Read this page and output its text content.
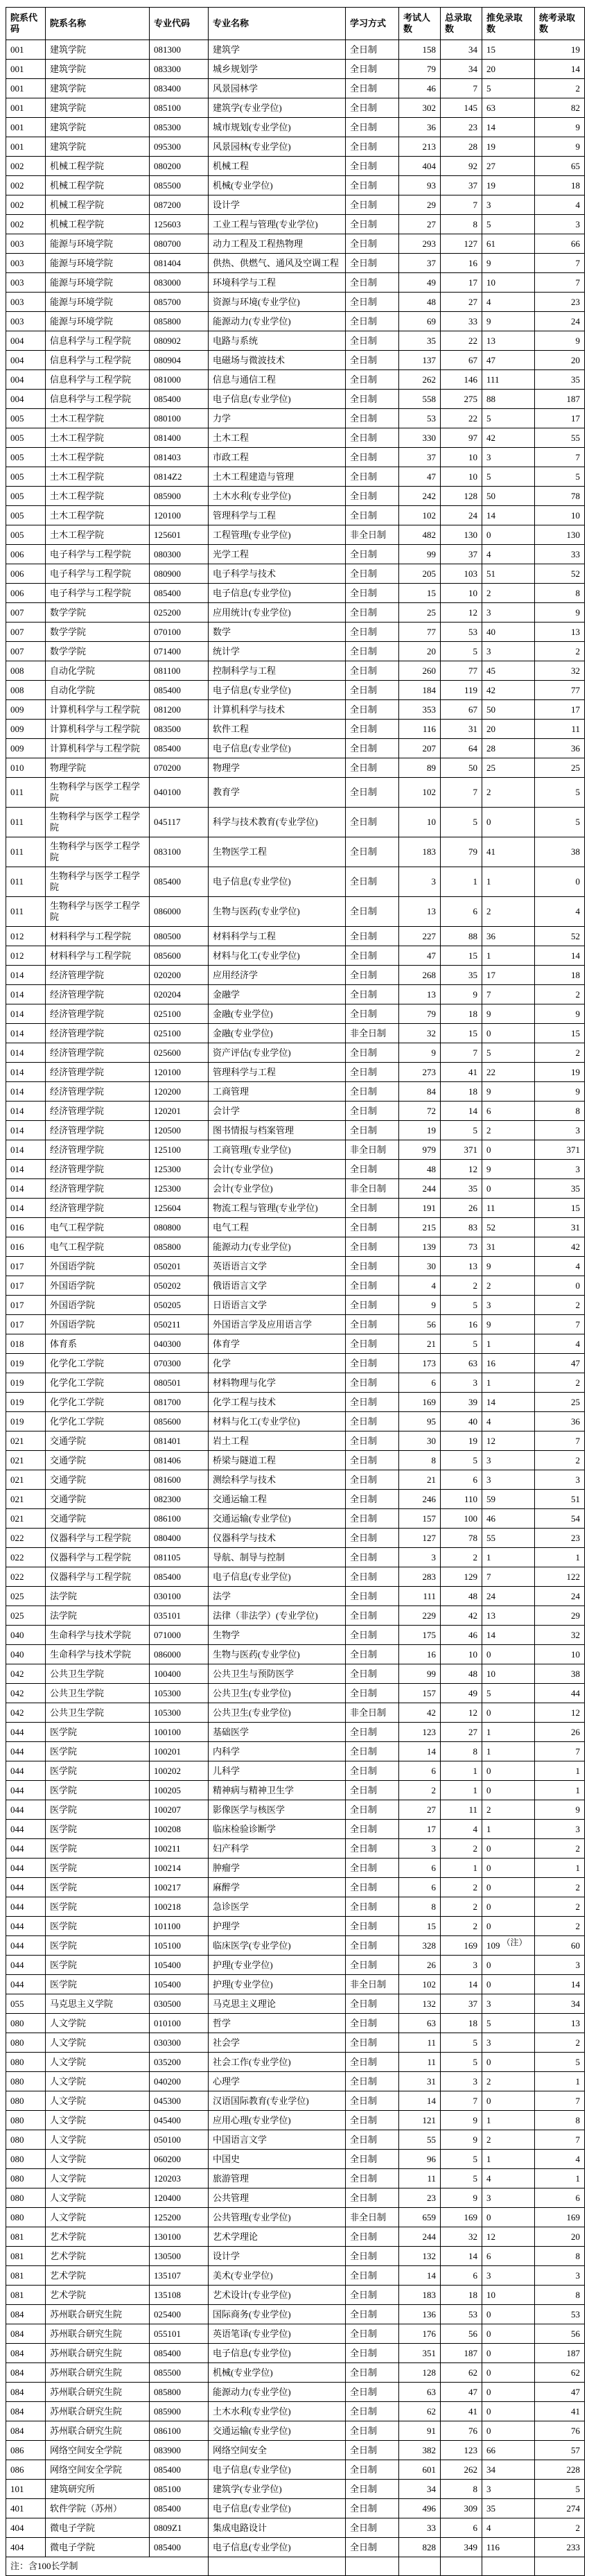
院系代码	院系名称	专业代码	专业名称	学习方式	考试人数	总录取数	推免录取数	统考录取数
001	建筑学院	081300	建筑学	全日制	158	34	15	19
001	建筑学院	083300	城乡规划学	全日制	79	34	20	14
001	建筑学院	083400	风景园林学	全日制	46	7	5	2
001	建筑学院	085100	建筑学(专业学位)	全日制	302	145	63	82
001	建筑学院	085300	城市规划(专业学位)	全日制	36	23	14	9
001	建筑学院	095300	风景园林(专业学位)	全日制	213	28	19	9
002	机械工程学院	080200	机械工程	全日制	404	92	27	65
002	机械工程学院	085500	机械(专业学位)	全日制	93	37	19	18
002	机械工程学院	087200	设计学	全日制	29	7	3	4
002	机械工程学院	125603	工业工程与管理(专业学位)	全日制	27	8	5	3
003	能源与环境学院	080700	动力工程及工程热物理	全日制	293	127	61	66
003	能源与环境学院	081404	供热、供燃气、通风及空调工程	全日制	37	16	9	7
003	能源与环境学院	083000	环境科学与工程	全日制	49	17	10	7
003	能源与环境学院	085700	资源与环境(专业学位)	全日制	48	27	4	23
003	能源与环境学院	085800	能源动力(专业学位)	全日制	69	33	9	24
004	信息科学与工程学院	080902	电路与系统	全日制	35	22	13	9
004	信息科学与工程学院	080904	电磁场与微波技术	全日制	137	67	47	20
004	信息科学与工程学院	081000	信息与通信工程	全日制	262	146	111	35
004	信息科学与工程学院	085400	电子信息(专业学位)	全日制	558	275	88	187
005	土木工程学院	080100	力学	全日制	53	22	5	17
005	土木工程学院	081400	土木工程	全日制	330	97	42	55
005	土木工程学院	081403	市政工程	全日制	37	10	3	7
005	土木工程学院	0814Z2	土木工程建造与管理	全日制	47	10	5	5
005	土木工程学院	085900	土木水利(专业学位)	全日制	242	128	50	78
005	土木工程学院	120100	管理科学与工程	全日制	102	24	14	10
005	土木工程学院	125601	工程管理(专业学位)	非全日制	482	130	0	130
006	电子科学与工程学院	080300	光学工程	全日制	99	37	4	33
006	电子科学与工程学院	080900	电子科学与技术	全日制	205	103	51	52
006	电子科学与工程学院	085400	电子信息(专业学位)	全日制	15	10	2	8
007	数学学院	025200	应用统计(专业学位)	全日制	25	12	3	9
007	数学学院	070100	数学	全日制	77	53	40	13
007	数学学院	071400	统计学	全日制	20	5	3	2
008	自动化学院	081100	控制科学与工程	全日制	260	77	45	32
008	自动化学院	085400	电子信息(专业学位)	全日制	184	119	42	77
009	计算机科学与工程学院	081200	计算机科学与技术	全日制	353	67	50	17
009	计算机科学与工程学院	083500	软件工程	全日制	116	31	20	11
009	计算机科学与工程学院	085400	电子信息(专业学位)	全日制	207	64	28	36
010	物理学院	070200	物理学	全日制	89	50	25	25
011	生物科学与医学工程学院	040100	教育学	全日制	102	7	2	5
011	生物科学与医学工程学院	045117	科学与技术教育(专业学位)	全日制	10	5	0	5
011	生物科学与医学工程学院	083100	生物医学工程	全日制	183	79	41	38
011	生物科学与医学工程学院	085400	电子信息(专业学位)	全日制	3	1	1	0
011	生物科学与医学工程学院	086000	生物与医药(专业学位)	全日制	13	6	2	4
012	材料科学与工程学院	080500	材料科学与工程	全日制	227	88	36	52
012	材料科学与工程学院	085600	材料与化工(专业学位)	全日制	47	15	1	14
014	经济管理学院	020200	应用经济学	全日制	268	35	17	18
014	经济管理学院	020204	金融学	全日制	13	9	7	2
014	经济管理学院	025100	金融(专业学位)	全日制	79	18	9	9
014	经济管理学院	025100	金融(专业学位)	非全日制	32	15	0	15
014	经济管理学院	025600	资产评估(专业学位)	全日制	9	7	5	2
014	经济管理学院	120100	管理科学与工程	全日制	273	41	22	19
014	经济管理学院	120200	工商管理	全日制	84	18	9	9
014	经济管理学院	120201	会计学	全日制	72	14	6	8
014	经济管理学院	120500	图书情报与档案管理	全日制	19	5	2	3
014	经济管理学院	125100	工商管理(专业学位)	非全日制	979	371	0	371
014	经济管理学院	125300	会计(专业学位)	全日制	48	12	9	3
014	经济管理学院	125300	会计(专业学位)	非全日制	244	35	0	35
014	经济管理学院	125604	物流工程与管理(专业学位)	全日制	191	26	11	15
016	电气工程学院	080800	电气工程	全日制	215	83	52	31
016	电气工程学院	085800	能源动力(专业学位)	全日制	139	73	31	42
017	外国语学院	050201	英语语言文学	全日制	30	13	9	4
017	外国语学院	050202	俄语语言文学	全日制	4	2	2	0
017	外国语学院	050205	日语语言文学	全日制	9	5	3	2
017	外国语学院	050211	外国语言学及应用语言学	全日制	56	16	9	7
018	体育系	040300	体育学	全日制	21	5	1	4
019	化学化工学院	070300	化学	全日制	173	63	16	47
019	化学化工学院	080501	材料物理与化学	全日制	6	3	1	2
019	化学化工学院	081700	化学工程与技术	全日制	169	39	14	25
019	化学化工学院	085600	材料与化工(专业学位)	全日制	95	40	4	36
021	交通学院	081401	岩土工程	全日制	30	19	12	7
021	交通学院	081406	桥梁与隧道工程	全日制	8	5	3	2
021	交通学院	081600	测绘科学与技术	全日制	21	6	3	3
021	交通学院	082300	交通运输工程	全日制	246	110	59	51
021	交通学院	086100	交通运输(专业学位)	全日制	157	100	46	54
022	仪器科学与工程学院	080400	仪器科学与技术	全日制	127	78	55	23
022	仪器科学与工程学院	081105	导航、制导与控制	全日制	3	2	1	1
022	仪器科学与工程学院	085400	电子信息(专业学位)	全日制	283	129	7	122
025	法学院	030100	法学	全日制	111	48	24	24
025	法学院	035101	法律（非法学）(专业学位)	全日制	229	42	13	29
040	生命科学与技术学院	071000	生物学	全日制	175	46	14	32
040	生命科学与技术学院	086000	生物与医药(专业学位)	全日制	16	10	0	10
042	公共卫生学院	100400	公共卫生与预防医学	全日制	99	48	10	38
042	公共卫生学院	105300	公共卫生(专业学位)	全日制	157	49	5	44
042	公共卫生学院	105300	公共卫生(专业学位)	非全日制	42	12	0	12
044	医学院	100100	基础医学	全日制	123	27	1	26
044	医学院	100201	内科学	全日制	14	8	1	7
044	医学院	100202	儿科学	全日制	6	1	0	1
044	医学院	100205	精神病与精神卫生学	全日制	2	1	0	1
044	医学院	100207	影像医学与核医学	全日制	27	11	2	9
044	医学院	100208	临床检验诊断学	全日制	17	4	1	3
044	医学院	100211	妇产科学	全日制	3	2	0	2
044	医学院	100214	肿瘤学	全日制	6	1	0	1
044	医学院	100217	麻醉学	全日制	6	2	0	2
044	医学院	100218	急诊医学	全日制	8	2	0	2
044	医学院	101100	护理学	全日制	15	2	0	2
044	医学院	105100	临床医学(专业学位)	全日制	328	169	109 （注）	60
044	医学院	105400	护理(专业学位)	全日制	26	3	0	3
044	医学院	105400	护理(专业学位)	非全日制	102	14	0	14
055	马克思主义学院	030500	马克思主义理论	全日制	132	37	3	34
080	人文学院	010100	哲学	全日制	63	18	5	13
080	人文学院	030300	社会学	全日制	11	5	3	2
080	人文学院	035200	社会工作(专业学位)	全日制	11	5	0	5
080	人文学院	040200	心理学	全日制	31	3	2	1
080	人文学院	045300	汉语国际教育(专业学位)	全日制	14	7	0	7
080	人文学院	045400	应用心理(专业学位)	全日制	121	9	1	8
080	人文学院	050100	中国语言文学	全日制	55	9	2	7
080	人文学院	060200	中国史	全日制	96	5	1	4
080	人文学院	120203	旅游管理	全日制	11	5	4	1
080	人文学院	120400	公共管理	全日制	23	9	3	6
080	人文学院	125200	公共管理(专业学位)	非全日制	659	169	0	169
081	艺术学院	130100	艺术学理论	全日制	244	32	12	20
081	艺术学院	130500	设计学	全日制	132	14	6	8
081	艺术学院	135107	美术(专业学位)	全日制	14	6	3	3
081	艺术学院	135108	艺术设计(专业学位)	全日制	183	18	10	8
084	苏州联合研究生院	025400	国际商务(专业学位)	全日制	136	53	0	53
084	苏州联合研究生院	055101	英语笔译(专业学位)	全日制	176	56	0	56
084	苏州联合研究生院	085400	电子信息(专业学位)	全日制	351	187	0	187
084	苏州联合研究生院	085500	机械(专业学位)	全日制	128	62	0	62
084	苏州联合研究生院	085800	能源动力(专业学位)	全日制	63	47	0	47
084	苏州联合研究生院	085900	土木水利(专业学位)	全日制	62	41	0	41
084	苏州联合研究生院	086100	交通运输(专业学位)	全日制	91	76	0	76
086	网络空间安全学院	083900	网络空间安全	全日制	382	123	66	57
086	网络空间安全学院	085400	电子信息(专业学位)	全日制	601	262	34	228
101	建筑研究所	085100	建筑学(专业学位)	全日制	34	8	3	5
401	软件学院（苏州）	085400	电子信息(专业学位)	全日制	496	309	35	274
404	微电子学院	0809Z1	集成电路设计	全日制	33	6	4	2
404	微电子学院	085400	电子信息(专业学位)	全日制	828	349	116	233
注：含100长学制								
